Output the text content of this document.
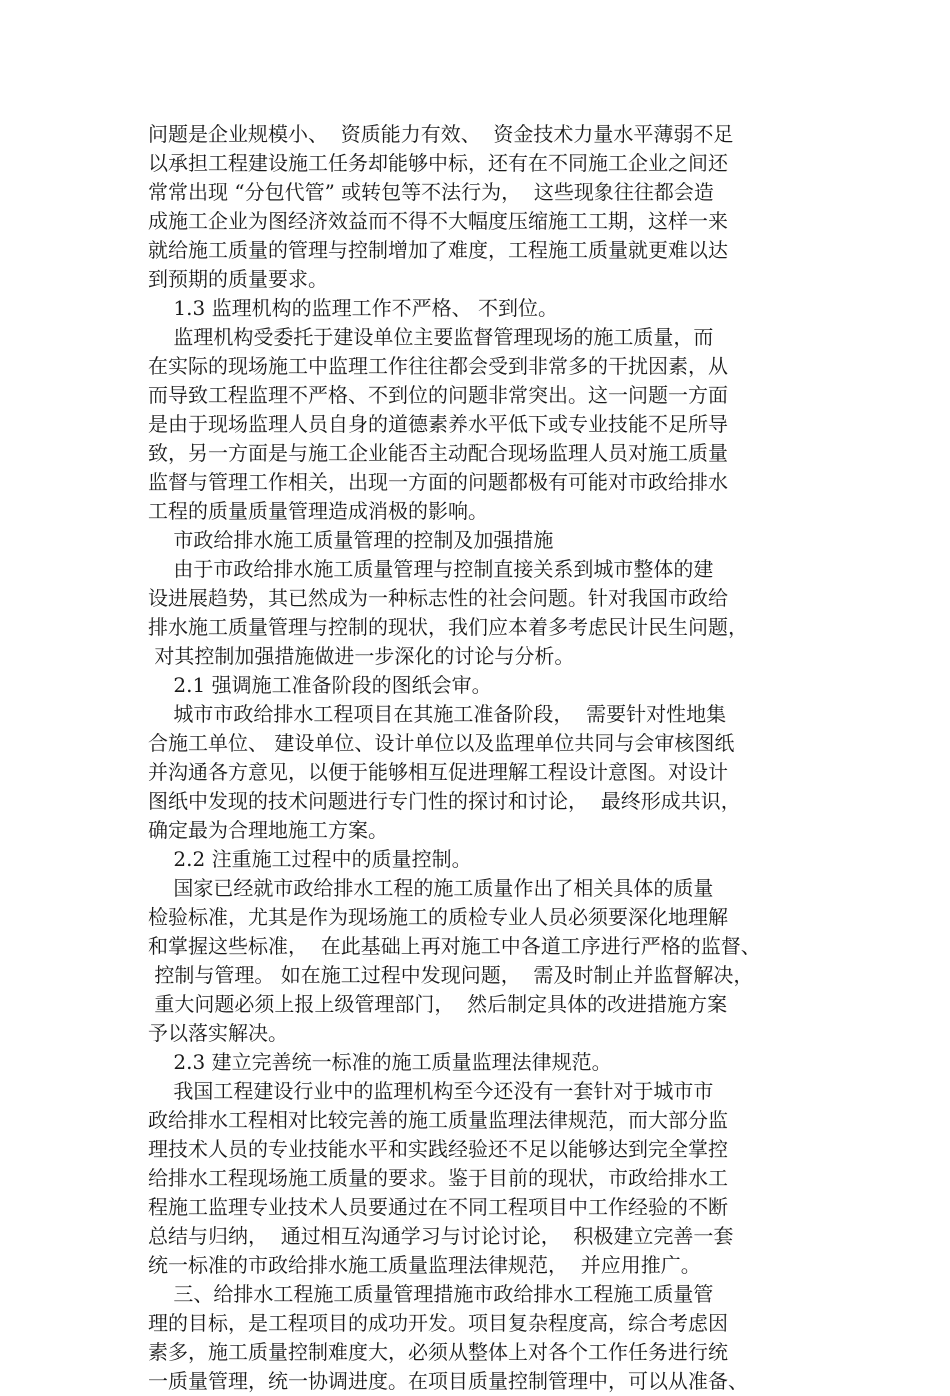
问题是企业规模小、  资质能力有效、  资金技术力量水平薄弱不足
以承担工程建设施工任务却能够中标，还有在不同施工企业之间还
常常出现 “分包代管” 或转包等不法行为，  这些现象往往都会造
成施工企业为图经济效益而不得不大幅度压缩施工工期，这样一来
就给施工质量的管理与控制增加了难度，工程施工质量就更难以达
到预期的质量要求。
1.3 监理机构的监理工作不严格、 不到位。
监理机构受委托于建设单位主要监督管理现场的施工质量，而
在实际的现场施工中监理工作往往都会受到非常多的干扰因素，从
而导致工程监理不严格、不到位的问题非常突出。这一问题一方面
是由于现场监理人员自身的道德素养水平低下或专业技能不足所导
致，另一方面是与施工企业能否主动配合现场监理人员对施工质量
监督与管理工作相关，出现一方面的问题都极有可能对市政给排水
工程的质量质量管理造成消极的影响。
市政给排水施工质量管理的控制及加强措施
由于市政给排水施工质量管理与控制直接关系到城市整体的建
设进展趋势，其已然成为一种标志性的社会问题。针对我国市政给
排水施工质量管理与控制的现状，我们应本着多考虑民计民生问题，
对其控制加强措施做进一步深化的讨论与分析。
2.1 强调施工准备阶段的图纸会审。
城市市政给排水工程项目在其施工准备阶段，  需要针对性地集
合施工单位、 建设单位、设计单位以及监理单位共同与会审核图纸
并沟通各方意见，以便于能够相互促进理解工程设计意图。对设计
图纸中发现的技术问题进行专门性的探讨和讨论，  最终形成共识，
确定最为合理地施工方案。
2.2 注重施工过程中的质量控制。
国家已经就市政给排水工程的施工质量作出了相关具体的质量
检验标准，尤其是作为现场施工的质检专业人员必须要深化地理解
和掌握这些标准，  在此基础上再对施工中各道工序进行严格的监督、
控制与管理。 如在施工过程中发现问题，  需及时制止并监督解决，
重大问题必须上报上级管理部门，  然后制定具体的改进措施方案
予以落实解决。
2.3 建立完善统一标准的施工质量监理法律规范。
我国工程建设行业中的监理机构至今还没有一套针对于城市市
政给排水工程相对比较完善的施工质量监理法律规范，而大部分监
理技术人员的专业技能水平和实践经验还不足以能够达到完全掌控
给排水工程现场施工质量的要求。鉴于目前的现状，市政给排水工
程施工监理专业技术人员要通过在不同工程项目中工作经验的不断
总结与归纳，  通过相互沟通学习与讨论讨论，  积极建立完善一套
统一标准的市政给排水施工质量监理法律规范，  并应用推广。
三、给排水工程施工质量管理措施市政给排水工程施工质量管
理的目标，是工程项目的成功开发。项目复杂程度高，综合考虑因
素多，施工质量控制难度大，必须从整体上对各个工作任务进行统
一质量管理，统一协调进度。在项目质量控制管理中，可以从准备、
